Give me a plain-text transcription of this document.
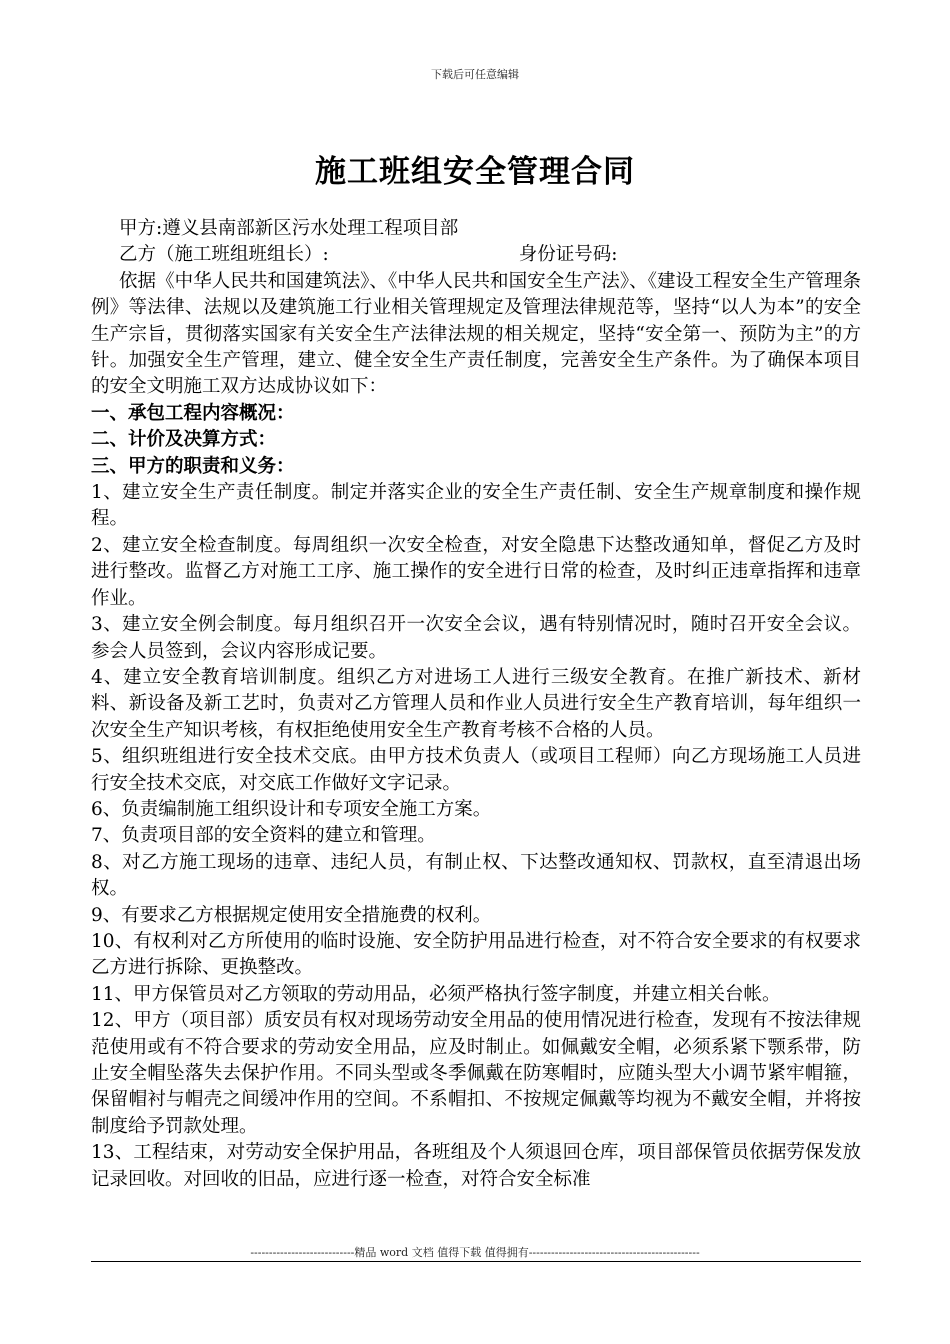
下载后可任意编辑
施工班组安全管理合同

甲方:遵义县南部新区污水处理工程项目部

乙方（施工班组班组长）:	身份证号码:

依据《中华人民共和国建筑法》、《中华人民共和国安全生产法》、《建设工程安全生产管理条例》等法律、法规以及建筑施工行业相关管理规定及管理法律规范等，坚持“以人为本”的安全生产宗旨，贯彻落实国家有关安全生产法律法规的相关规定，坚持“安全第一、预防为主”的方针。加强安全生产管理，建立、健全安全生产责任制度，完善安全生产条件。为了确保本项目的安全文明施工双方达成协议如下：

一、承包工程内容概况：

二、计价及决算方式：

三、甲方的职责和义务：

1、建立安全生产责任制度。制定并落实企业的安全生产责任制、安全生产规章制度和操作规程。

2、建立安全检查制度。每周组织一次安全检查，对安全隐患下达整改通知单，督促乙方及时进行整改。监督乙方对施工工序、施工操作的安全进行日常的检查，及时纠正违章指挥和违章作业。

3、建立安全例会制度。每月组织召开一次安全会议，遇有特别情况时，随时召开安全会议。参会人员签到，会议内容形成记要。

4、建立安全教育培训制度。组织乙方对进场工人进行三级安全教育。在推广新技术、新材料、新设备及新工艺时，负责对乙方管理人员和作业人员进行安全生产教育培训，每年组织一次安全生产知识考核，有权拒绝使用安全生产教育考核不合格的人员。

5、组织班组进行安全技术交底。由甲方技术负责人（或项目工程师）向乙方现场施工人员进行安全技术交底，对交底工作做好文字记录。

6、负责编制施工组织设计和专项安全施工方案。

7、负责项目部的安全资料的建立和管理。

8、对乙方施工现场的违章、违纪人员，有制止权、下达整改通知权、罚款权，直至清退出场权。

9、有要求乙方根据规定使用安全措施费的权利。

10、有权利对乙方所使用的临时设施、安全防护用品进行检查，对不符合安全要求的有权要求乙方进行拆除、更换整改。

11、甲方保管员对乙方领取的劳动用品，必须严格执行签字制度，并建立相关台帐。

12、甲方（项目部）质安员有权对现场劳动安全用品的使用情况进行检查，发现有不按法律规范使用或有不符合要求的劳动安全用品，应及时制止。如佩戴安全帽，必须系紧下颚系带，防止安全帽坠落失去保护作用。不同头型或冬季佩戴在防寒帽时，应随头型大小调节紧牢帽箍，保留帽衬与帽壳之间缓冲作用的空间。不系帽扣、不按规定佩戴等均视为不戴安全帽，并将按制度给予罚款处理。

13、工程结束，对劳动安全保护用品，各班组及个人须退回仓库，项目部保管员依据劳保发放记录回收。对回收的旧品，应进行逐一检查，对符合安全标准

----------------------------精品 word 文档 值得下载 值得拥有----------------------------------------------
